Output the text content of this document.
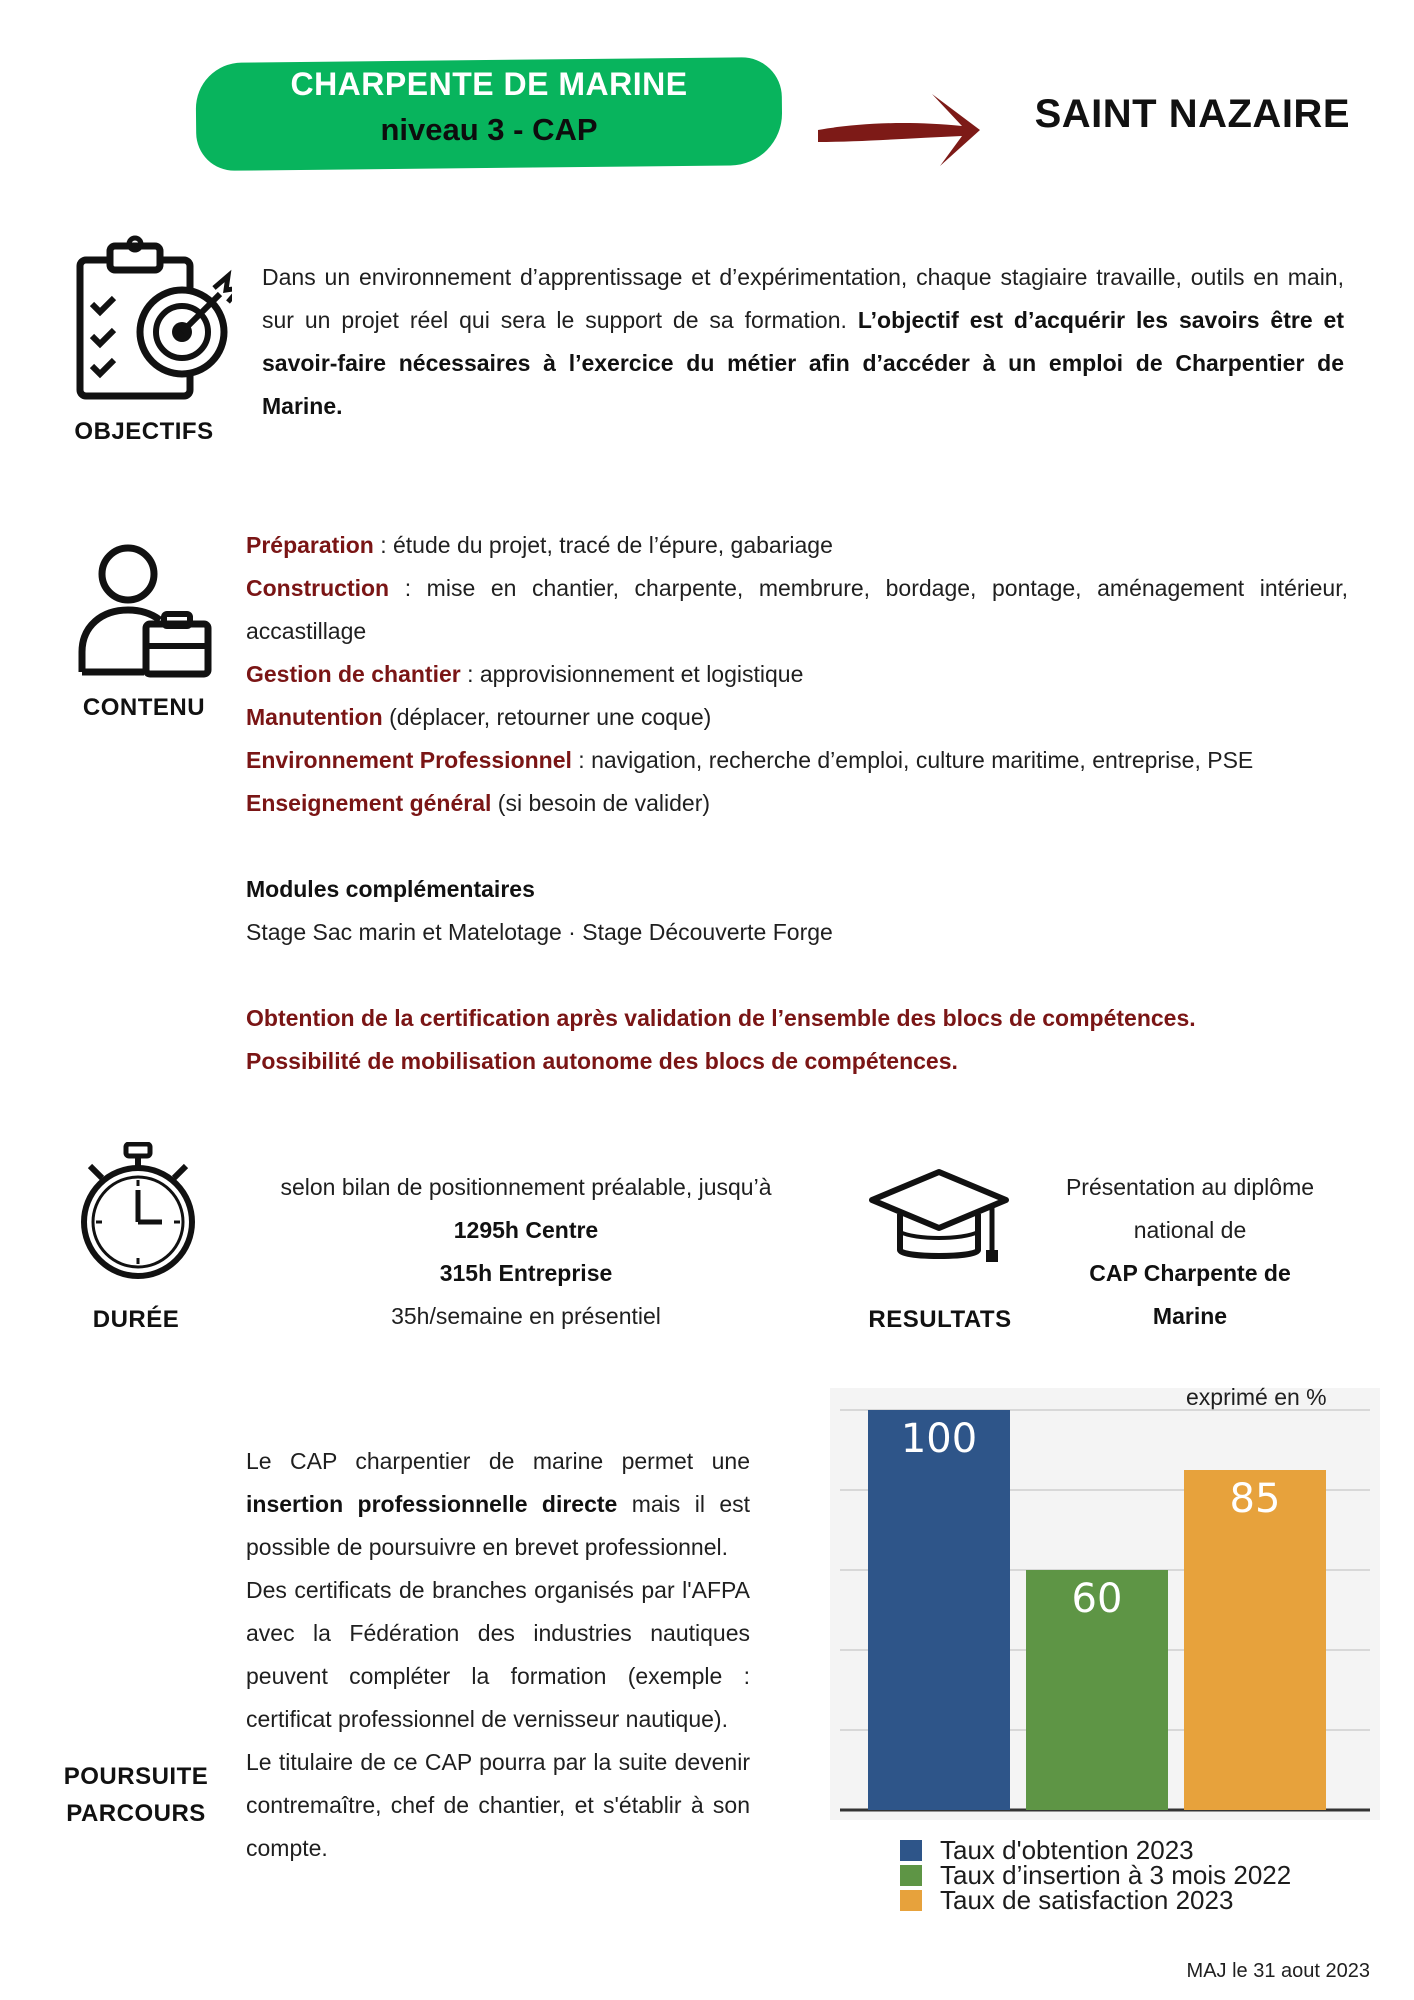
CHARPENTE DE MARINE
niveau 3 - CAP	SAINT NAZAIRE
OBJECTIFS
Dans un environnement d’apprentissage et d’expérimentation, chaque stagiaire travaille, outils en main, sur un projet réel qui sera le support de sa formation. L’objectif est d’acquérir les savoirs être et savoir-faire nécessaires à l’exercice du métier afin d’accéder à un emploi de Charpentier de Marine.
CONTENU
Préparation : étude du projet, tracé de l’épure, gabariage
Construction : mise en chantier, charpente, membrure, bordage, pontage, aménagement intérieur, accastillage
Gestion de chantier : approvisionnement et logistique
Manutention (déplacer, retourner une coque)
Environnement Professionnel : navigation, recherche d’emploi, culture maritime, entreprise, PSE
Enseignement général (si besoin de valider)
Modules complémentaires
Stage Sac marin et Matelotage · Stage Découverte Forge
Obtention de la certification après validation de l’ensemble des blocs de compétences.
Possibilité de mobilisation autonome des blocs de compétences.
DURÉE
selon bilan de positionnement préalable, jusqu’à
1295h Centre
315h Entreprise
35h/semaine en présentiel	RESULTATS
Présentation au diplôme
national de
CAP Charpente de
Marine
POURSUITE
PARCOURS
Le CAP charpentier de marine permet une insertion professionnelle directe mais il est possible de poursuivre en brevet professionnel.
Des certificats de branches organisés par l'AFPA avec la Fédération des industries nautiques peuvent compléter la formation (exemple : certificat professionnel de vernisseur nautique).
Le titulaire de ce CAP pourra par la suite devenir contremaître, chef de chantier, et s'établir à son compte.
exprimé en %
100
60
85
Taux d'obtention 2023
Taux d’insertion à 3 mois 2022
Taux de satisfaction 2023
MAJ le 31 aout 2023
